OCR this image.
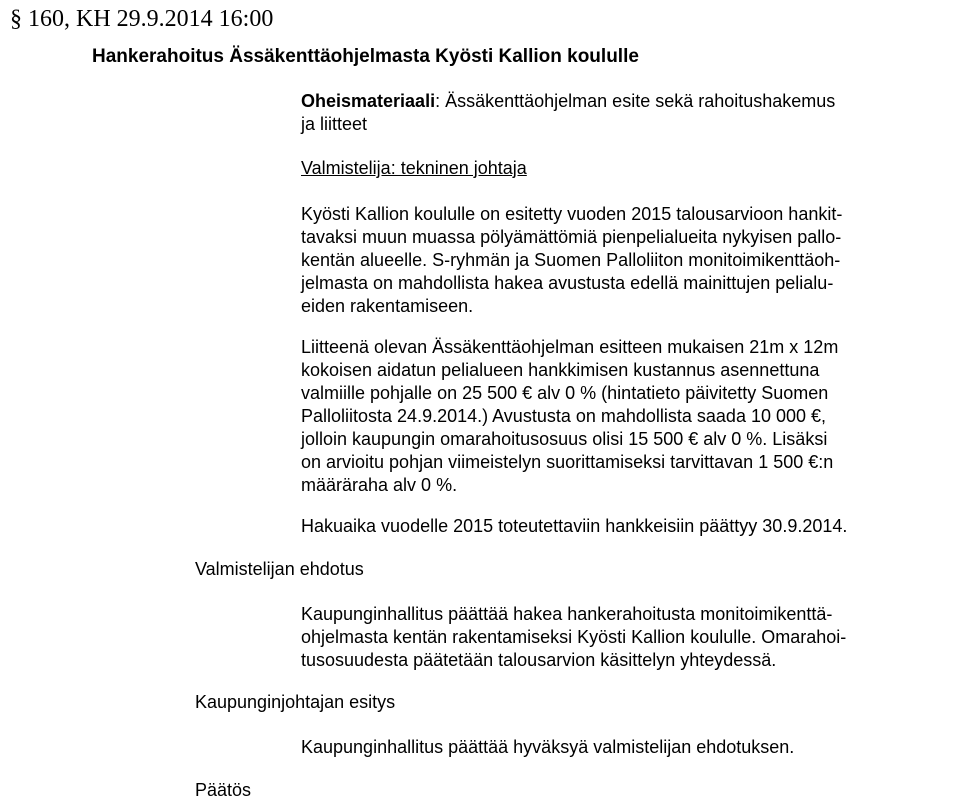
§ 160, KH 29.9.2014 16:00
Hankerahoitus Ässäkenttäohjelmasta Kyösti Kallion koululle
Oheismateriaali: Ässäkenttäohjelman esite sekä rahoitushakemus
ja liitteet
Valmistelija: tekninen johtaja
Kyösti Kallion koululle on esitetty vuoden 2015 talousarvioon hankit-
tavaksi muun muassa pölyämättömiä pienpelialueita nykyisen pallo-
kentän alueelle. S-ryhmän ja Suomen Palloliiton monitoimikenttäoh-
jelmasta on mahdollista hakea avustusta edellä mainittujen pelialu-
eiden rakentamiseen.
Liitteenä olevan Ässäkenttäohjelman esitteen mukaisen 21m x 12m
kokoisen aidatun pelialueen hankkimisen kustannus asennettuna
valmiille pohjalle on 25 500 € alv 0 % (hintatieto päivitetty Suomen
Palloliitosta 24.9.2014.) Avustusta on mahdollista saada 10 000 €,
jolloin kaupungin omarahoitusosuus olisi 15 500 € alv 0 %. Lisäksi
on arvioitu pohjan viimeistelyn suorittamiseksi tarvittavan 1 500 €:n
määräraha alv 0 %.
Hakuaika vuodelle 2015 toteutettaviin hankkeisiin päättyy 30.9.2014.
Valmistelijan ehdotus
Kaupunginhallitus päättää hakea hankerahoitusta monitoimikenttä-
ohjelmasta kentän rakentamiseksi Kyösti Kallion koululle. Omarahoi-
tusosuudesta päätetään talousarvion käsittelyn yhteydessä.
Kaupunginjohtajan esitys
Kaupunginhallitus päättää hyväksyä valmistelijan ehdotuksen.
Päätös
